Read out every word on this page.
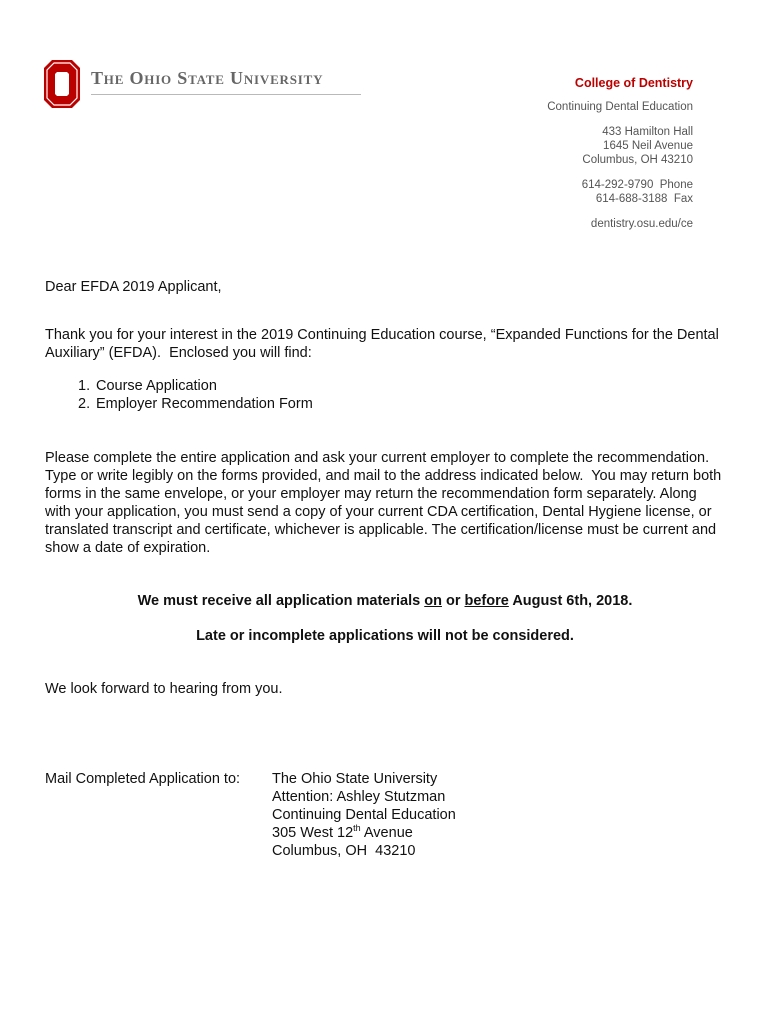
The Ohio State University	College of Dentistry
Continuing Dental Education
433 Hamilton Hall
1645 Neil Avenue
Columbus, OH 43210
614-292-9790  Phone
614-688-3188  Fax
dentistry.osu.edu/ce
Dear EFDA 2019 Applicant,
Thank you for your interest in the 2019 Continuing Education course, “Expanded Functions for the Dental Auxiliary” (EFDA).  Enclosed you will find:
1. Course Application
2. Employer Recommendation Form
Please complete the entire application and ask your current employer to complete the recommendation. Type or write legibly on the forms provided, and mail to the address indicated below.  You may return both forms in the same envelope, or your employer may return the recommendation form separately. Along with your application, you must send a copy of your current CDA certification, Dental Hygiene license, or translated transcript and certificate, whichever is applicable. The certification/license must be current and show a date of expiration.
We must receive all application materials on or before August 6th, 2018.
Late or incomplete applications will not be considered.
We look forward to hearing from you.
Mail Completed Application to: The Ohio State University
Attention: Ashley Stutzman
Continuing Dental Education
305 West 12th Avenue
Columbus, OH  43210
